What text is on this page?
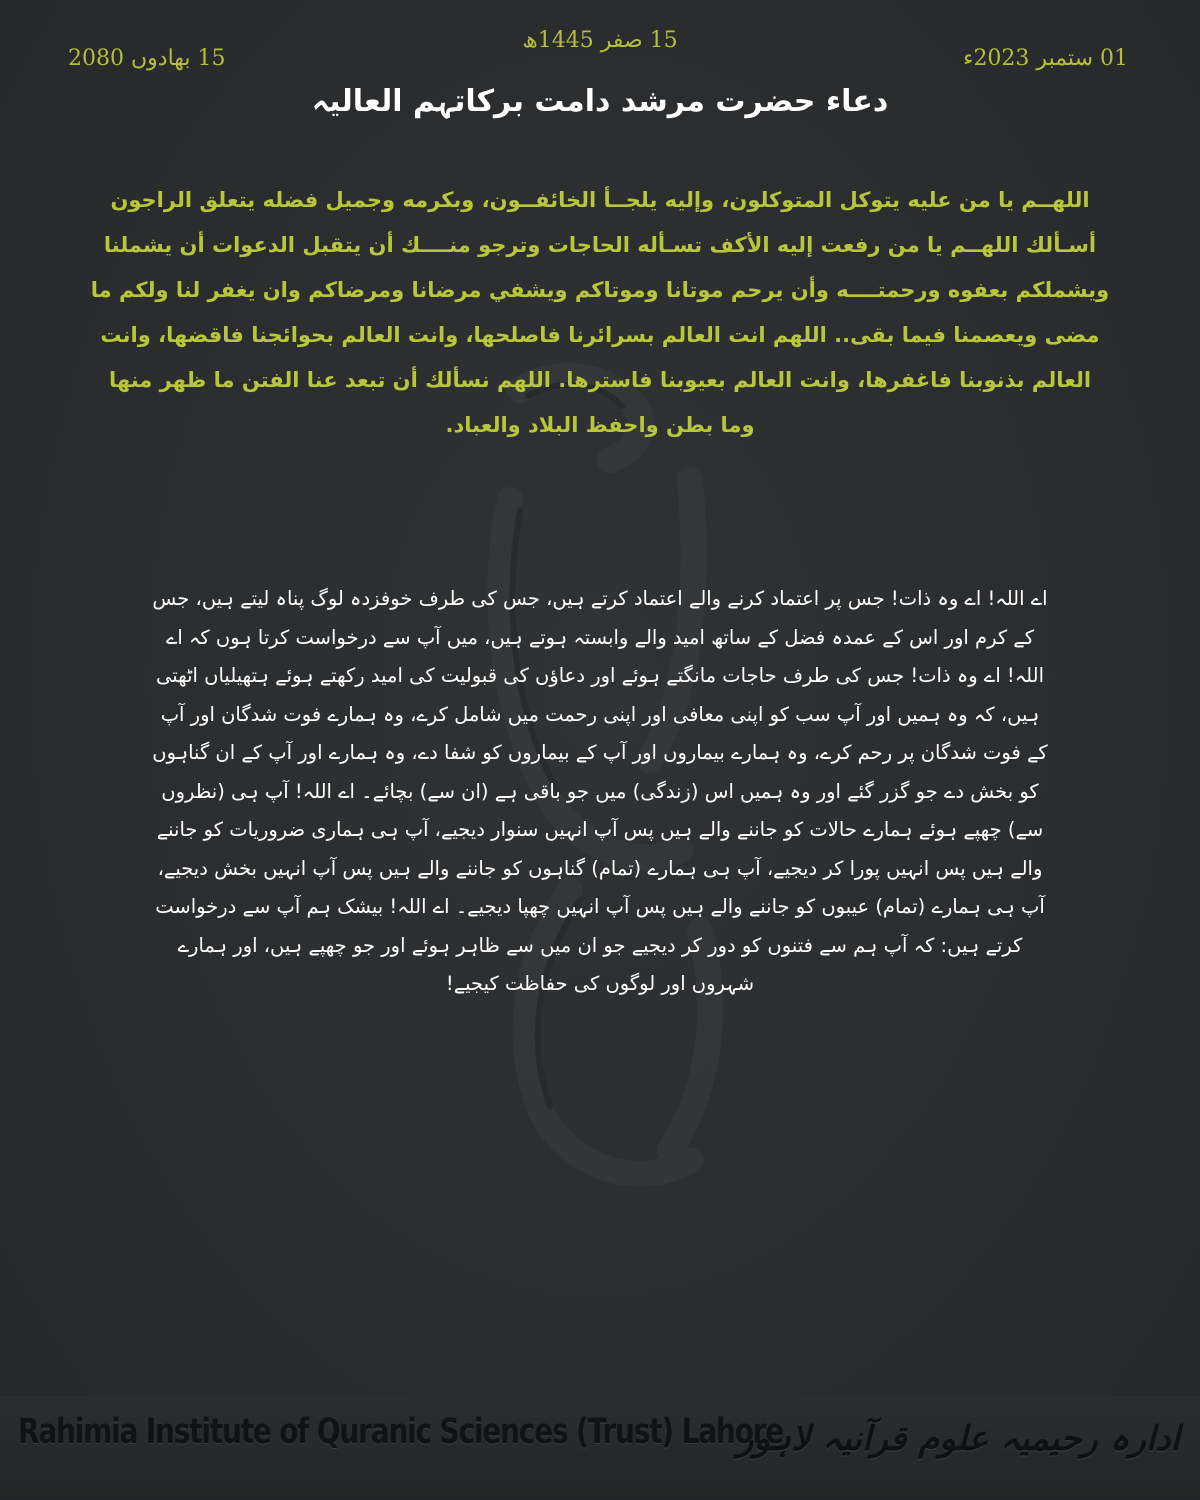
15 صفر 1445ھ
01 ستمبر 2023ء
15 بھادوں 2080
دعاء حضرت مرشد دامت برکاتہم العالیہ
اللھــم يا من عليه يتوكل المتوكلون، وإليه يلجــأ الخائفــون، وبكرمه وجميل فضله يتعلق الراجون أسـألك اللهــم يا من رفعت إليه الأكف تسـأله الحاجات وترجو منــــك أن يتقبل الدعوات أن يشملنا ويشملكم بعفوه ورحمتــــه وأن يرحم موتانا وموتاكم ويشفي مرضانا ومرضاكم وان يغفر لنا ولكم ما مضى ويعصمنا فيما بقى.. اللهم انت العالم بسرائرنا فاصلحها، وانت العالم بحوائجنا فاقضها، وانت العالم بذنوبنا فاغفرها، وانت العالم بعيوبنا فاسترها. اللهم نسألك أن تبعد عنا الفتن ما ظهر منها وما بطن واحفظ البلاد والعباد.
اے اللہ! اے وہ ذات! جس پر اعتماد کرنے والے اعتماد کرتے ہیں، جس کی طرف خوفزدہ لوگ پناہ لیتے ہیں، جس کے کرم اور اس کے عمدہ فضل کے ساتھ امید والے وابستہ ہوتے ہیں، میں آپ سے درخواست کرتا ہوں کہ اے اللہ! اے وہ ذات! جس کی طرف حاجات مانگتے ہوئے اور دعاؤں کی قبولیت کی امید رکھتے ہوئے ہتھیلیاں اٹھتی ہیں، کہ وہ ہمیں اور آپ سب کو اپنی معافی اور اپنی رحمت میں شامل کرے، وہ ہمارے فوت شدگان اور آپ کے فوت شدگان پر رحم کرے، وہ ہمارے بیماروں اور آپ کے بیماروں کو شفا دے، وہ ہمارے اور آپ کے ان گناہوں کو بخش دے جو گزر گئے اور وہ ہمیں اس (زندگی) میں جو باقی ہے (ان سے) بچائے۔ اے اللہ! آپ ہی (نظروں سے) چھپے ہوئے ہمارے حالات کو جاننے والے ہیں پس آپ انہیں سنوار دیجیے، آپ ہی ہماری ضروریات کو جاننے والے ہیں پس انہیں پورا کر دیجیے، آپ ہی ہمارے (تمام) گناہوں کو جاننے والے ہیں پس آپ انہیں بخش دیجیے، آپ ہی ہمارے (تمام) عیبوں کو جاننے والے ہیں پس آپ انہیں چھپا دیجیے۔ اے اللہ! بیشک ہم آپ سے درخواست کرتے ہیں: کہ آپ ہم سے فتنوں کو دور کر دیجیے جو ان میں سے ظاہر ہوئے اور جو چھپے ہیں، اور ہمارے شہروں اور لوگوں کی حفاظت کیجیے!
Rahimia Institute of Quranic Sciences (Trust) Lahore
ادارہ رحیمیہ علوم قرآنیہ لاہور
